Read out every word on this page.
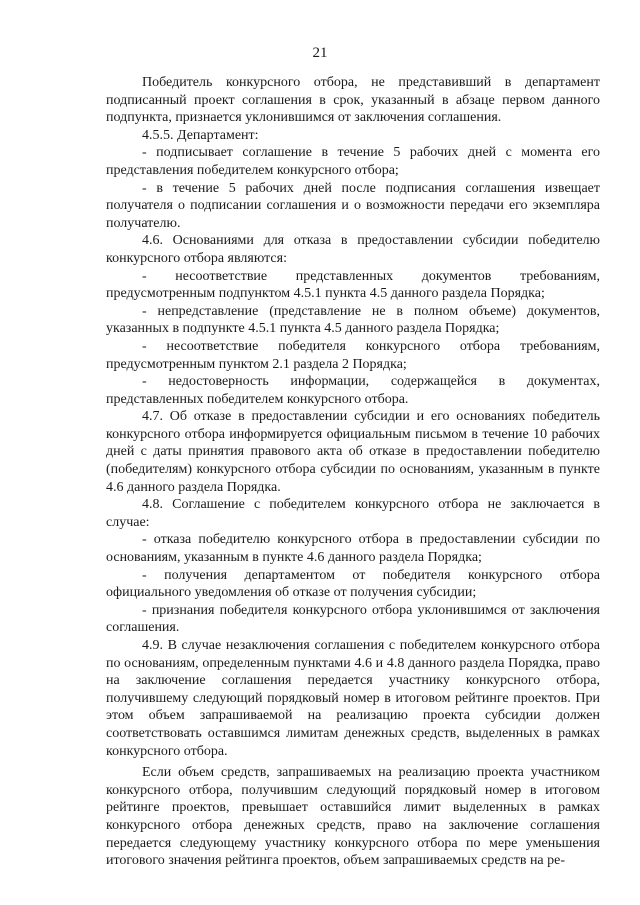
21

Победитель конкурсного отбора, не представивший в департамент подписанный проект соглашения в срок, указанный в абзаце первом данного подпункта, признается уклонившимся от заключения соглашения.

4.5.5. Департамент:

- подписывает соглашение в течение 5 рабочих дней с момента его представления победителем конкурсного отбора;

- в течение 5 рабочих дней после подписания соглашения извещает получателя о подписании соглашения и о возможности передачи его экземпляра получателю.

4.6. Основаниями для отказа в предоставлении субсидии победителю конкурсного отбора являются:

- несоответствие представленных документов требованиям, предусмотренным подпунктом 4.5.1 пункта 4.5 данного раздела Порядка;

- непредставление (представление не в полном объеме) документов, указанных в подпункте 4.5.1 пункта 4.5 данного раздела Порядка;

- несоответствие победителя конкурсного отбора требованиям, предусмотренным пунктом 2.1 раздела 2 Порядка;

- недостоверность информации, содержащейся в документах, представленных победителем конкурсного отбора.

4.7. Об отказе в предоставлении субсидии и его основаниях победитель конкурсного отбора информируется официальным письмом в течение 10 рабочих дней с даты принятия правового акта об отказе в предоставлении победителю (победителям) конкурсного отбора субсидии по основаниям, указанным в пункте 4.6 данного раздела Порядка.

4.8. Соглашение с победителем конкурсного отбора не заключается в случае:

- отказа победителю конкурсного отбора в предоставлении субсидии по основаниям, указанным в пункте 4.6 данного раздела Порядка;

- получения департаментом от победителя конкурсного отбора официального уведомления об отказе от получения субсидии;

- признания победителя конкурсного отбора уклонившимся от заключения соглашения.

4.9. В случае незаключения соглашения с победителем конкурсного отбора по основаниям, определенным пунктами 4.6 и 4.8 данного раздела Порядка, право на заключение соглашения передается участнику конкурсного отбора, получившему следующий порядковый номер в итоговом рейтинге проектов. При этом объем запрашиваемой на реализацию проекта субсидии должен соответствовать оставшимся лимитам денежных средств, выделенных в рамках конкурсного отбора.

Если объем средств, запрашиваемых на реализацию проекта участником конкурсного отбора, получившим следующий порядковый номер в итоговом рейтинге проектов, превышает оставшийся лимит выделенных в рамках конкурсного отбора денежных средств, право на заключение соглашения передается следующему участнику конкурсного отбора по мере уменьшения итогового значения рейтинга проектов, объем запрашиваемых средств на ре-
